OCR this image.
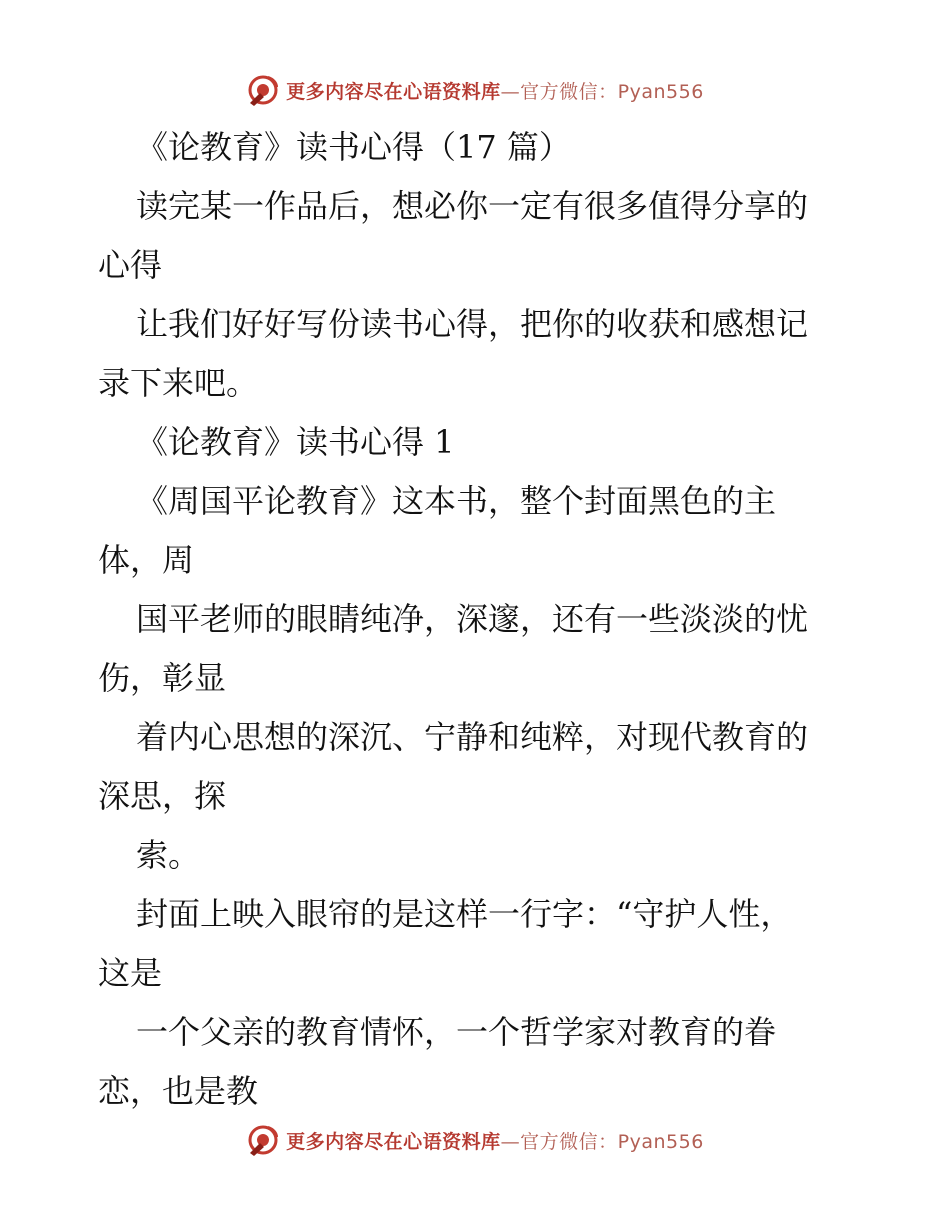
更多内容尽在心语资料库—官方微信：Pyan556

《论教育》读书心得（17 篇）

读完某一作品后，想必你一定有很多值得分享的

心得

让我们好好写份读书心得，把你的收获和感想记

录下来吧。

《论教育》读书心得 1

《周国平论教育》这本书，整个封面黑色的主

体，周

国平老师的眼睛纯净，深邃，还有一些淡淡的忧

伤，彰显

着内心思想的深沉、宁静和纯粹，对现代教育的

深思，探

索。

封面上映入眼帘的是这样一行字：“守护人性，

这是

一个父亲的教育情怀，一个哲学家对教育的眷

恋，也是教

更多内容尽在心语资料库—官方微信：Pyan556
